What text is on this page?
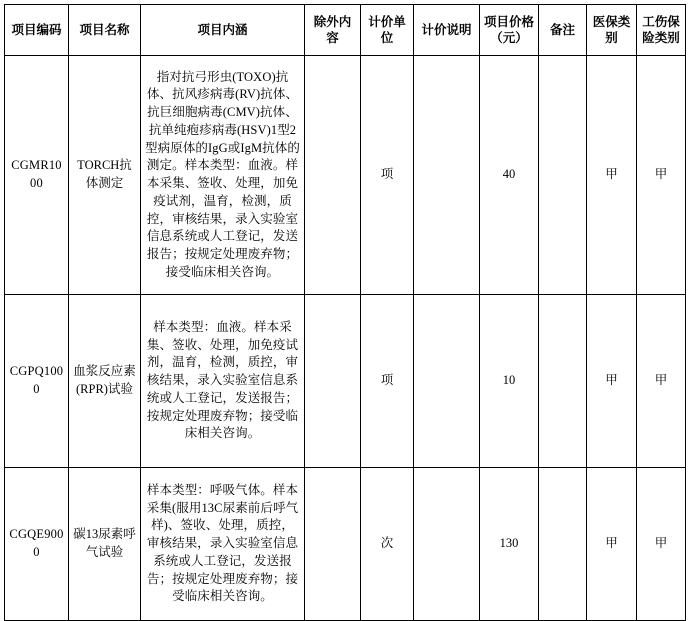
项目编码	项目名称	项目内涵	除外内容	计价单位	计价说明	项目价格（元）	备注	医保类别	工伤保险类别
CGMR1000	TORCH抗体测定	指对抗弓形虫(TOXO)抗体、抗风疹病毒(RV)抗体、抗巨细胞病毒(CMV)抗体、抗单纯疱疹病毒(HSV)1型2型病原体的IgG或IgM抗体的测定。样本类型：血液。样本采集、签收、处理，加免疫试剂，温育，检测，质控，审核结果，录入实验室信息系统或人工登记，发送报告；按规定处理废弃物；接受临床相关咨询。		项		40		甲	甲
CGPQ1000	血浆反应素(RPR)试验	样本类型：血液。样本采集、签收、处理，加免疫试剂，温育，检测，质控，审核结果，录入实验室信息系统或人工登记，发送报告；按规定处理废弃物；接受临床相关咨询。		项		10		甲	甲
CGQE9000	碳13尿素呼气试验	样本类型：呼吸气体。样本采集(服用13C尿素前后呼气样)、签收、处理，质控，审核结果，录入实验室信息系统或人工登记，发送报告；按规定处理废弃物；接受临床相关咨询。		次		130		甲	甲
